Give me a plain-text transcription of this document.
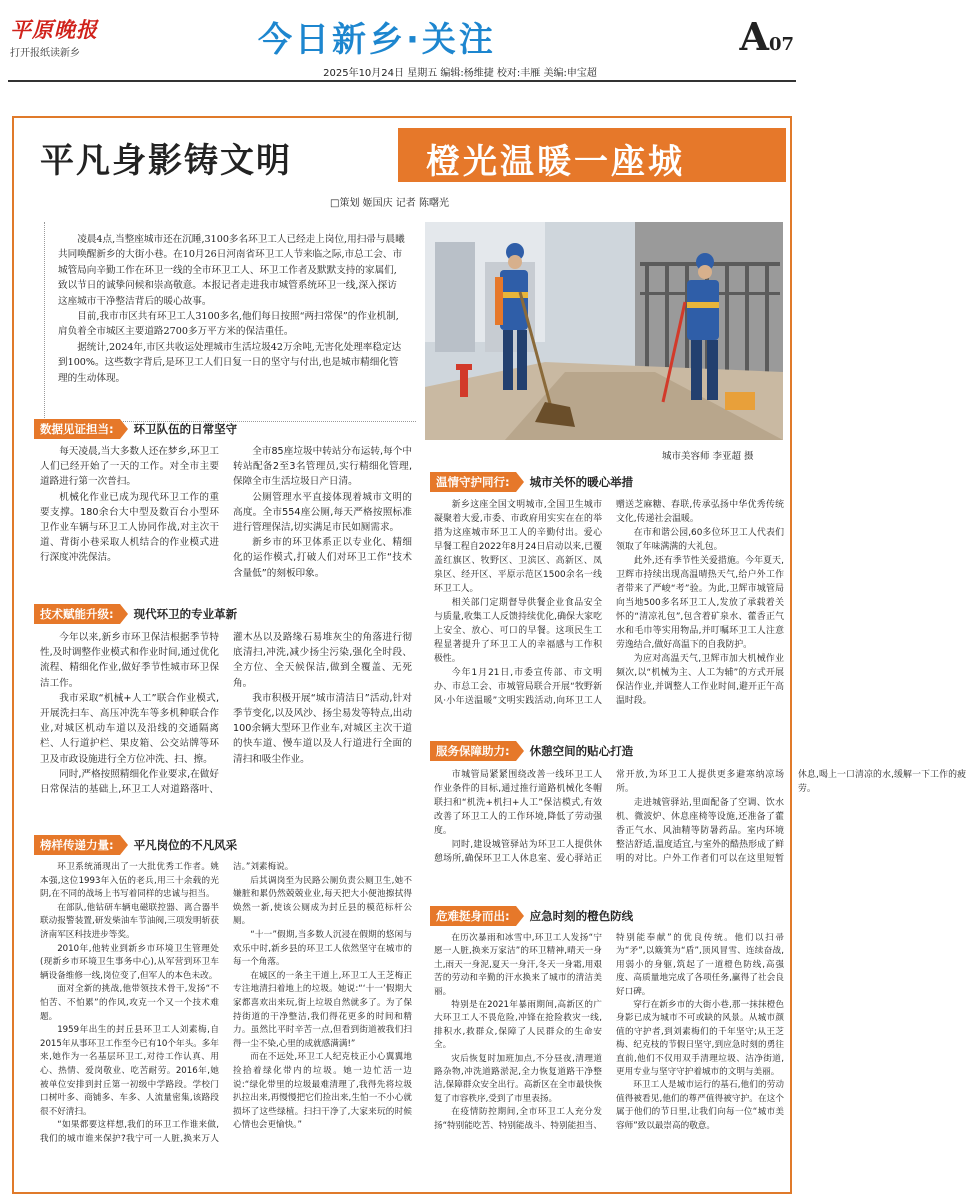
平原晚报
打开报纸读新乡	今日新乡·关注	A07
2025年10月24日 星期五 编辑:杨维捷 校对:丰雁 美编:申宝超
平凡身影铸文明	橙光温暖一座城
□策划 姬国庆 记者 陈曙光

凌晨4点,当整座城市还在沉睡,3100多名环卫工人已经走上岗位,用扫帚与晨曦共同唤醒新乡的大街小巷。在10月26日河南省环卫工人节来临之际,市总工会、市城管局向辛勤工作在环卫一线的全市环卫工人、环卫工作者及默默支持的家属们,致以节日的诚挚问候和崇高敬意。本报记者走进我市城管系统环卫一线,深入探访这座城市干净整洁背后的暖心故事。

目前,我市市区共有环卫工人3100多名,他们每日按照“两扫常保”的作业机制,肩负着全市城区主要道路2700多万平方米的保洁重任。

据统计,2024年,市区共收运处理城市生活垃圾42万余吨,无害化处理率稳定达到100%。这些数字背后,是环卫工人们日复一日的坚守与付出,也是城市精细化管理的生动体现。

城市美容师 李亚超 摄
数据见证担当: 环卫队伍的日常坚守

每天凌晨,当大多数人还在梦乡,环卫工人们已经开始了一天的工作。对全市主要道路进行第一次普扫。

机械化作业已成为现代环卫工作的重要支撑。180余台大中型及数百台小型环卫作业车辆与环卫工人协同作战,对主次干道、背街小巷采取人机结合的作业模式进行深度冲洗保洁。

全市85座垃圾中转站分布运转,每个中转站配备2至3名管理员,实行精细化管理,保障全市生活垃圾日产日清。

公厕管理水平直接体现着城市文明的高度。全市554座公厕,每天严格按照标准进行管理保洁,切实满足市民如厕需求。

新乡市的环卫体系正以专业化、精细化的运作模式,打破人们对环卫工作“技术含量低”的刻板印象。

技术赋能升级: 现代环卫的专业革新

今年以来,新乡市环卫保洁根据季节特性,及时调整作业模式和作业时间,通过优化流程、精细化作业,做好季节性城市环卫保洁工作。

我市采取“机械+人工”联合作业模式,开展洗扫车、高压冲洗车等多机种联合作业,对城区机动车道以及沿线的交通隔离栏、人行道护栏、果皮箱、公交站牌等环卫及市政设施进行全方位冲洗、扫、擦。

同时,严格按照精细化作业要求,在做好日常保洁的基础上,环卫工人对道路落叶、灌木丛以及路缘石易堆灰尘的角落进行彻底清扫,冲洗,减少扬尘污染,强化全时段、全方位、全天候保洁,做到全覆盖、无死角。

我市积极开展“城市清洁日”活动,针对季节变化,以及风沙、扬尘易发等特点,出动100余辆大型环卫作业车,对城区主次干道的快车道、慢车道以及人行道进行全面的清扫和吸尘作业。

榜样传递力量: 平凡岗位的不凡风采

环卫系统涌现出了一大批优秀工作者。姚本强,这位1993年入伍的老兵,用三十余载的光阴,在不同的战场上书写着同样的忠诚与担当。

在部队,他钻研车辆电磁联控器、离合器半联动报警装置,研发柴油车节油阀,三项发明斩获济南军区科技进步等奖。

2010年,他转业到新乡市环境卫生管理处(现新乡市环境卫生事务中心),从军营到环卫车辆设备维修一线,岗位变了,但军人的本色未改。

面对全新的挑战,他带领技术骨干,发扬“不怕苦、不怕累”的作风,攻克一个又一个技术难题。

1959年出生的封丘县环卫工人刘素梅,自2015年从事环卫工作至今已有10个年头。多年来,她作为一名基层环卫工,对待工作认真、用心、热情、爱岗敬业、吃苦耐劳。2016年,她被单位安排到封丘第一初级中学路段。学校门口树叶多、商铺多、车多、人流量密集,该路段很不好清扫。

“如果都要这样想,我们的环卫工作谁来做,我们的城市谁来保护?我宁可一人脏,换来万人洁。”刘素梅说。

后其调岗至为民路公厕负责公厕卫生,她不嫌脏和累仍然兢兢业业,每天把大小便池擦拭得焕然一新,使该公厕成为封丘县的模范标杆公厕。

“十一”假期,当多数人沉浸在假期的悠闲与欢乐中时,新乡县的环卫工人依然坚守在城市的每一个角落。

在城区的一条主干道上,环卫工人王芝梅正专注地清扫着地上的垃圾。她说:“‘十一’假期大家都喜欢出来玩,街上垃圾自然就多了。为了保持街道的干净整洁,我们得花更多的时间和精力。虽然比平时辛苦一点,但看到街道被我们扫得一尘不染,心里的成就感满满!”

而在不远处,环卫工人纪克枝正小心翼翼地捡拾着绿化带内的垃圾。她一边忙活一边说:“绿化带里的垃圾最难清理了,我得先将垃圾扒拉出来,再慢慢把它们捡出来,生怕一不小心就损坏了这些绿植。扫扫干净了,大家来玩的时候心情也会更愉快。”

温情守护同行: 城市关怀的暖心举措

新乡这座全国文明城市,全国卫生城市凝聚着大爱,市委、市政府用实实在在的举措为这座城市环卫工人的辛勤付出。爱心早餐工程自2022年8月24日启动以来,已覆盖红旗区、牧野区、卫滨区、高新区、凤泉区、经开区、平原示范区1500余名一线环卫工人。

相关部门定期督导供餐企业食品安全与质量,收集工人反馈持续优化,确保大家吃上安全、放心、可口的早餐。这项民生工程显著提升了环卫工人的幸福感与工作积极性。

今年1月21日,市委宣传部、市文明办、市总工会、市城管局联合开展“牧野新风·小年送温暖”文明实践活动,向环卫工人赠送芝麻糖、春联,传承弘扬中华优秀传统文化,传递社会温暖。

在市和谐公园,60多位环卫工人代表们领取了年味满满的大礼包。

此外,还有季节性关爱措施。今年夏天,卫辉市持续出现高温晴热天气,给户外工作者带来了严峻“考”验。为此,卫辉市城管局向当地500多名环卫工人,发放了承载着关怀的“清凉礼包”,包含着矿泉水、藿香正气水和毛巾等实用物品,并叮嘱环卫工人注意劳逸结合,做好高温下的自我防护。

为应对高温天气,卫辉市加大机械作业频次,以“机械为主、人工为辅”的方式开展保洁作业,并调整人工作业时间,避开正午高温时段。

服务保障助力: 休憩空间的贴心打造

市城管局紧紧围绕改善一线环卫工人作业条件的目标,通过推行道路机械化冬帽联扫和“机洗+机扫+人工”保洁模式,有效改善了环卫工人的工作环境,降低了劳动强度。

同时,建设城管驿站为环卫工人提供休憩场所,确保环卫工人休息室、爱心驿站正常开放,为环卫工人提供更多避寒纳凉场所。

走进城管驿站,里面配备了空调、饮水机、微波炉、休息座椅等设施,还准备了藿香正气水、风油精等防暑药品。室内环境整洁舒适,温度适宜,与室外的酷热形成了鲜明的对比。户外工作者们可以在这里短暂休息,喝上一口清凉的水,缓解一下工作的疲劳。

危难挺身而出: 应急时刻的橙色防线

在历次暴雨和冰雪中,环卫工人发扬“宁愿一人脏,换来万家洁”的环卫精神,晴天一身土,雨天一身泥,夏天一身汗,冬天一身霜,用艰苦的劳动和辛勤的汗水换来了城市的清洁美丽。

特别是在2021年暴雨期间,高新区的广大环卫工人不畏危险,冲锋在抢险救灾一线,排积水,救群众,保障了人民群众的生命安全。

灾后恢复时加班加点,不分昼夜,清理道路杂物,冲洗道路淤泥,全力恢复道路干净整洁,保障群众安全出行。高新区在全市最快恢复了市容秩序,受到了市里表扬。

在疫情防控期间,全市环卫工人充分发扬“特别能吃苦、特别能战斗、特别能担当、特别能奉献”的优良传统。他们以扫帚为“矛”,以簸箕为“盾”,顶风冒雪、连续奋战,用弱小的身躯,筑起了一道橙色防线,高强度、高质量地完成了各项任务,赢得了社会良好口碑。

穿行在新乡市的大街小巷,那一抹抹橙色身影已成为城市不可或缺的风景。从城市颜值的守护者,到刘素梅们的千年坚守;从王芝梅、纪克枝的节假日坚守,到应急时刻的勇往直前,他们不仅用双手清理垃圾、洁净街道,更用专业与坚守守护着城市的文明与美丽。

环卫工人是城市运行的基石,他们的劳动值得被看见,他们的尊严值得被守护。在这个属于他们的节日里,让我们向每一位“城市美容师”致以最崇高的敬意。
